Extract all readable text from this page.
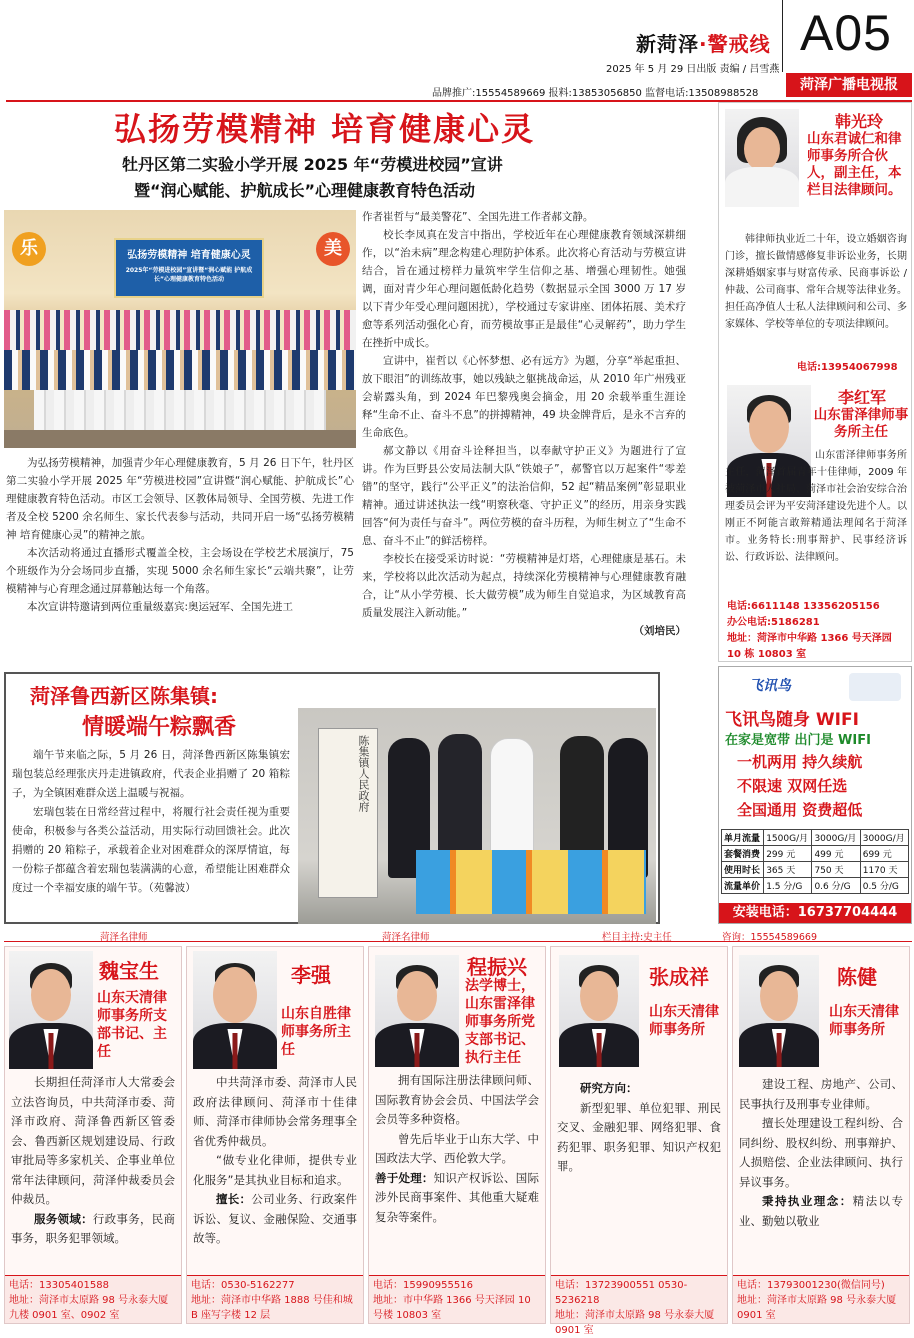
新菏泽·警戒线 A05
2025 年 5 月 29 日出版 责编 / 吕雪燕
品牌推广:15554589669 报料:13853056850 监督电话:13508988528
菏泽广播电视报
弘扬劳模精神 培育健康心灵
牡丹区第二实验小学开展 2025 年“劳模进校园”宣讲
暨“润心赋能、护航成长”心理健康教育特色活动
乐	美
弘扬劳模精神 培育健康心灵
2025年“劳模进校园”宣讲暨“润心赋能 护航成长”心理健康教育特色活动

为弘扬劳模精神，加强青少年心理健康教育，5 月 26 日下午，牡丹区第二实验小学开展 2025 年“劳模进校园”宣讲暨“润心赋能、护航成长”心理健康教育特色活动。市区工会领导、区教体局领导、全国劳模、先进工作者及全校 5200 余名师生、家长代表参与活动，共同开启一场“弘扬劳模精神 培育健康心灵”的精神之旅。

本次活动将通过直播形式覆盖全校，主会场设在学校艺术展演厅，75 个班级作为分会场同步直播，实现 5000 余名师生家长“云端共聚”，让劳模精神与心育理念通过屏幕触达每一个角落。

本次宣讲特邀请到两位重量级嘉宾:奥运冠军、全国先进工

作者崔哲与“最美警花”、全国先进工作者郝文静。

校长李凤真在发言中指出，学校近年在心理健康教育领域深耕细作，以“治未病”理念构建心理防护体系。此次将心育活动与劳模宣讲结合，旨在通过榜样力量筑牢学生信仰之基、增强心理韧性。她强调，面对青少年心理问题低龄化趋势（数据显示全国 3000 万 17 岁以下青少年受心理问题困扰），学校通过专家讲座、团体拓展、美术疗愈等系列活动强化心育，而劳模故事正是最佳“心灵解药”，助力学生在挫折中成长。

宣讲中，崔哲以《心怀梦想、必有远方》为题，分享“举起重担、放下眼泪”的训练故事，她以残缺之躯挑战命运，从 2010 年广州残亚会崭露头角，到 2024 年巴黎残奥会摘金，用 20 余载举重生涯诠释“生命不止、奋斗不息”的拼搏精神，49 块金牌背后，是永不言弃的生命底色。

郝文静以《用奋斗诠释担当，以奉献守护正义》为题进行了宣讲。作为巨野县公安局法制大队“铁娘子”，郝警官以万起案件“零差错”的坚守，践行“公平正义”的法治信仰，52 起“精品案例”彰显职业精神。通过讲述执法一线“明察秋毫、守护正义”的经历，用亲身实践回答“何为责任与奋斗”。两位劳模的奋斗历程，为师生树立了“生命不息、奋斗不止”的鲜活榜样。

李校长在接受采访时说：“劳模精神是灯塔，心理健康是基石。未来，学校将以此次活动为起点，持续深化劳模精神与心理健康教育融合，让“从小学劳模、长大做劳模”成为师生自觉追求，为区域教育高质量发展注入新动能。”

（刘培民）
韩光玲
山东君诚仁和律师事务所合伙人，副主任，本栏目法律顾问。
韩律师执业近二十年，设立婚姻咨询门诊，擅长做情感修复非诉讼业务，长期深耕婚姻家事与财富传承、民商事诉讼 / 仲裁、公司商事、常年合规等法律业务。担任高净值人士私人法律顾问和公司、多家媒体、学校等单位的专项法律顾问。
电话:13954067998
李红军
山东雷泽律师事务所主任
山东雷泽律师事务所主任，菏泽首届青年十佳律师，2009 年被菏泽市人社局、菏泽市社会治安综合治理委员会评为平安菏泽建设先进个人。以刚正不阿能言敢辩精通法理闻名于菏泽市。业务特长:刑事辩护、民事经济诉讼、行政诉讼、法律顾问。
电话:6611148 13356205156
办公电话:5186281
地址：菏泽市中华路 1366 号天泽园 10 栋 10803 室
菏泽鲁西新区陈集镇:
情暖端午粽飘香

端午节来临之际，5 月 26 日，菏泽鲁西新区陈集镇宏瑞包装总经理张庆丹走进镇政府，代表企业捐赠了 20 箱粽子，为全镇困难群众送上温暖与祝福。

宏瑞包装在日常经营过程中，将履行社会责任视为重要使命，积极参与各类公益活动，用实际行动回馈社会。此次捐赠的 20 箱粽子，承载着企业对困难群众的深厚情谊，每一份粽子都蕴含着宏瑞包装满满的心意，希望能让困难群众度过一个幸福安康的端午节。（苑馨波）

陈集镇人民政府
飞讯鸟
飞讯鸟随身 WIFI
在家是宽带 出门是 WIFI
一机两用 持久续航
不限速 双网任选
全国通用 资费超低
单月流量	1500G/月	3000G/月	3000G/月
套餐消费	299 元	499 元	699 元
使用时长	365 天	750 天	1170 天
流量单价	1.5 分/G	0.6 分/G	0.5 分/G
安装电话：16737704444
菏泽名律师	菏泽名律师	栏目主持:史主任	咨询：15554589669
魏宝生
山东天清律师事务所支部书记、主任

长期担任菏泽市人大常委会立法咨询员，中共菏泽市委、菏泽市政府、菏泽鲁西新区管委会、鲁西新区规划建设局、行政审批局等多家机关、企事业单位常年法律顾问，菏泽仲裁委员会仲裁员。

服务领域：行政事务，民商事务，职务犯罪领域。

电话：13305401588
地址：菏泽市太原路 98 号永泰大厦九楼 0901 室、0902 室
李强
山东自胜律师事务所主任

中共菏泽市委、菏泽市人民政府法律顾问、菏泽市十佳律师、菏泽市律师协会常务理事全省优秀仲裁员。

“做专业化律师，提供专业化服务”是其执业目标和追求。

擅长：公司业务、行政案件诉讼、复议、金融保险、交通事故等。

电话：0530-5162277
地址：菏泽市中华路 1888 号佳和城 B 座写字楼 12 层
程振兴
法学博士，山东雷泽律师事务所党支部书记、执行主任

拥有国际注册法律顾问师、国际教育协会会员、中国法学会会员等多种资格。

曾先后毕业于山东大学、中国政法大学、西伦敦大学。

善于处理：知识产权诉讼、国际涉外民商事案件、其他重大疑难复杂等案件。

电话：15990955516
地址：市中华路 1366 号天泽园 10 号楼 10803 室
张成祥
山东天清律师事务所
研究方向：

新型犯罪、单位犯罪、刑民交叉、金融犯罪、网络犯罪、食药犯罪、职务犯罪、知识产权犯罪。

电话：13723900551 0530-5236218
地址：菏泽市太原路 98 号永泰大厦 0901 室
陈健
山东天清律师事务所

建设工程、房地产、公司、民事执行及刑事专业律师。

擅长处理建设工程纠纷、合同纠纷、股权纠纷、刑事辩护、人损赔偿、企业法律顾问、执行异议事务。

秉持执业理念：精法以专业、勤勉以敬业

电话：13793001230(微信同号)
地址：菏泽市太原路 98 号永泰大厦 0901 室
